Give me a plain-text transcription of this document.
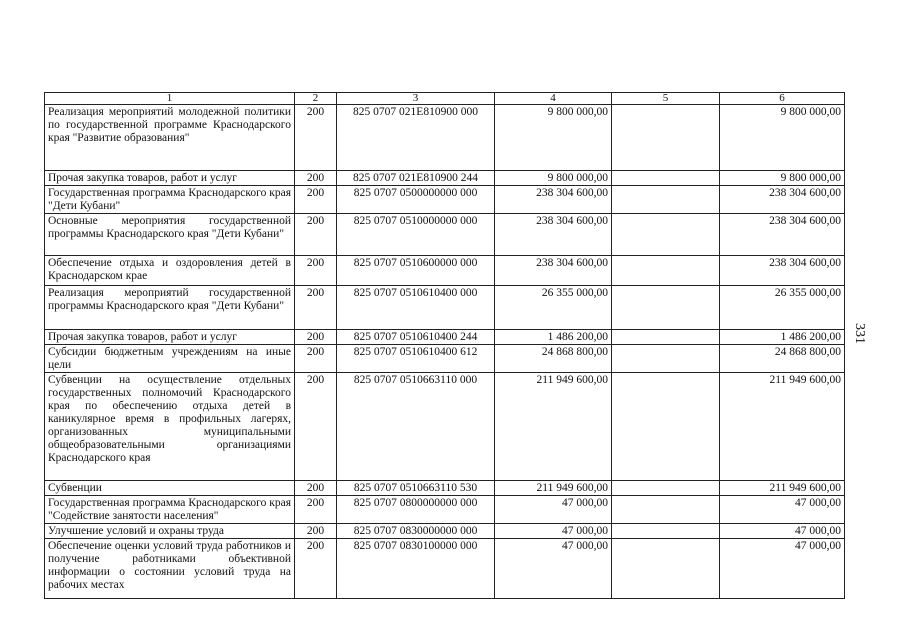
1	2	3	4	5	6
Реализация мероприятий молодежной политики по государственной программе Краснодарского края "Развитие образования"	200	825 0707 021E810900 000	9 800 000,00		9 800 000,00
Прочая закупка товаров, работ и услуг	200	825 0707 021E810900 244	9 800 000,00		9 800 000,00
Государственная программа Краснодарского края "Дети Кубани"	200	825 0707 0500000000 000	238 304 600,00		238 304 600,00
Основные мероприятия государственной программы Краснодарского края "Дети Кубани"	200	825 0707 0510000000 000	238 304 600,00		238 304 600,00
Обеспечение отдыха и оздоровления детей в Краснодарском крае	200	825 0707 0510600000 000	238 304 600,00		238 304 600,00
Реализация мероприятий государственной программы Краснодарского края "Дети Кубани"	200	825 0707 0510610400 000	26 355 000,00		26 355 000,00
Прочая закупка товаров, работ и услуг	200	825 0707 0510610400 244	1 486 200,00		1 486 200,00
Субсидии бюджетным учреждениям на иные цели	200	825 0707 0510610400 612	24 868 800,00		24 868 800,00
Субвенции на осуществление отдельных государственных полномочий Краснодарского края по обеспечению отдыха детей в каникулярное время в профильных лагерях, организованных муниципальными общеобразовательными организациями Краснодарского края	200	825 0707 0510663110 000	211 949 600,00		211 949 600,00
Субвенции	200	825 0707 0510663110 530	211 949 600,00		211 949 600,00
Государственная программа Краснодарского края "Содействие занятости населения"	200	825 0707 0800000000 000	47 000,00		47 000,00
Улучшение условий и охраны труда	200	825 0707 0830000000 000	47 000,00		47 000,00
Обеспечение оценки условий труда работников и получение работниками объективной информации о состоянии условий труда на рабочих местах	200	825 0707 0830100000 000	47 000,00		47 000,00
331
